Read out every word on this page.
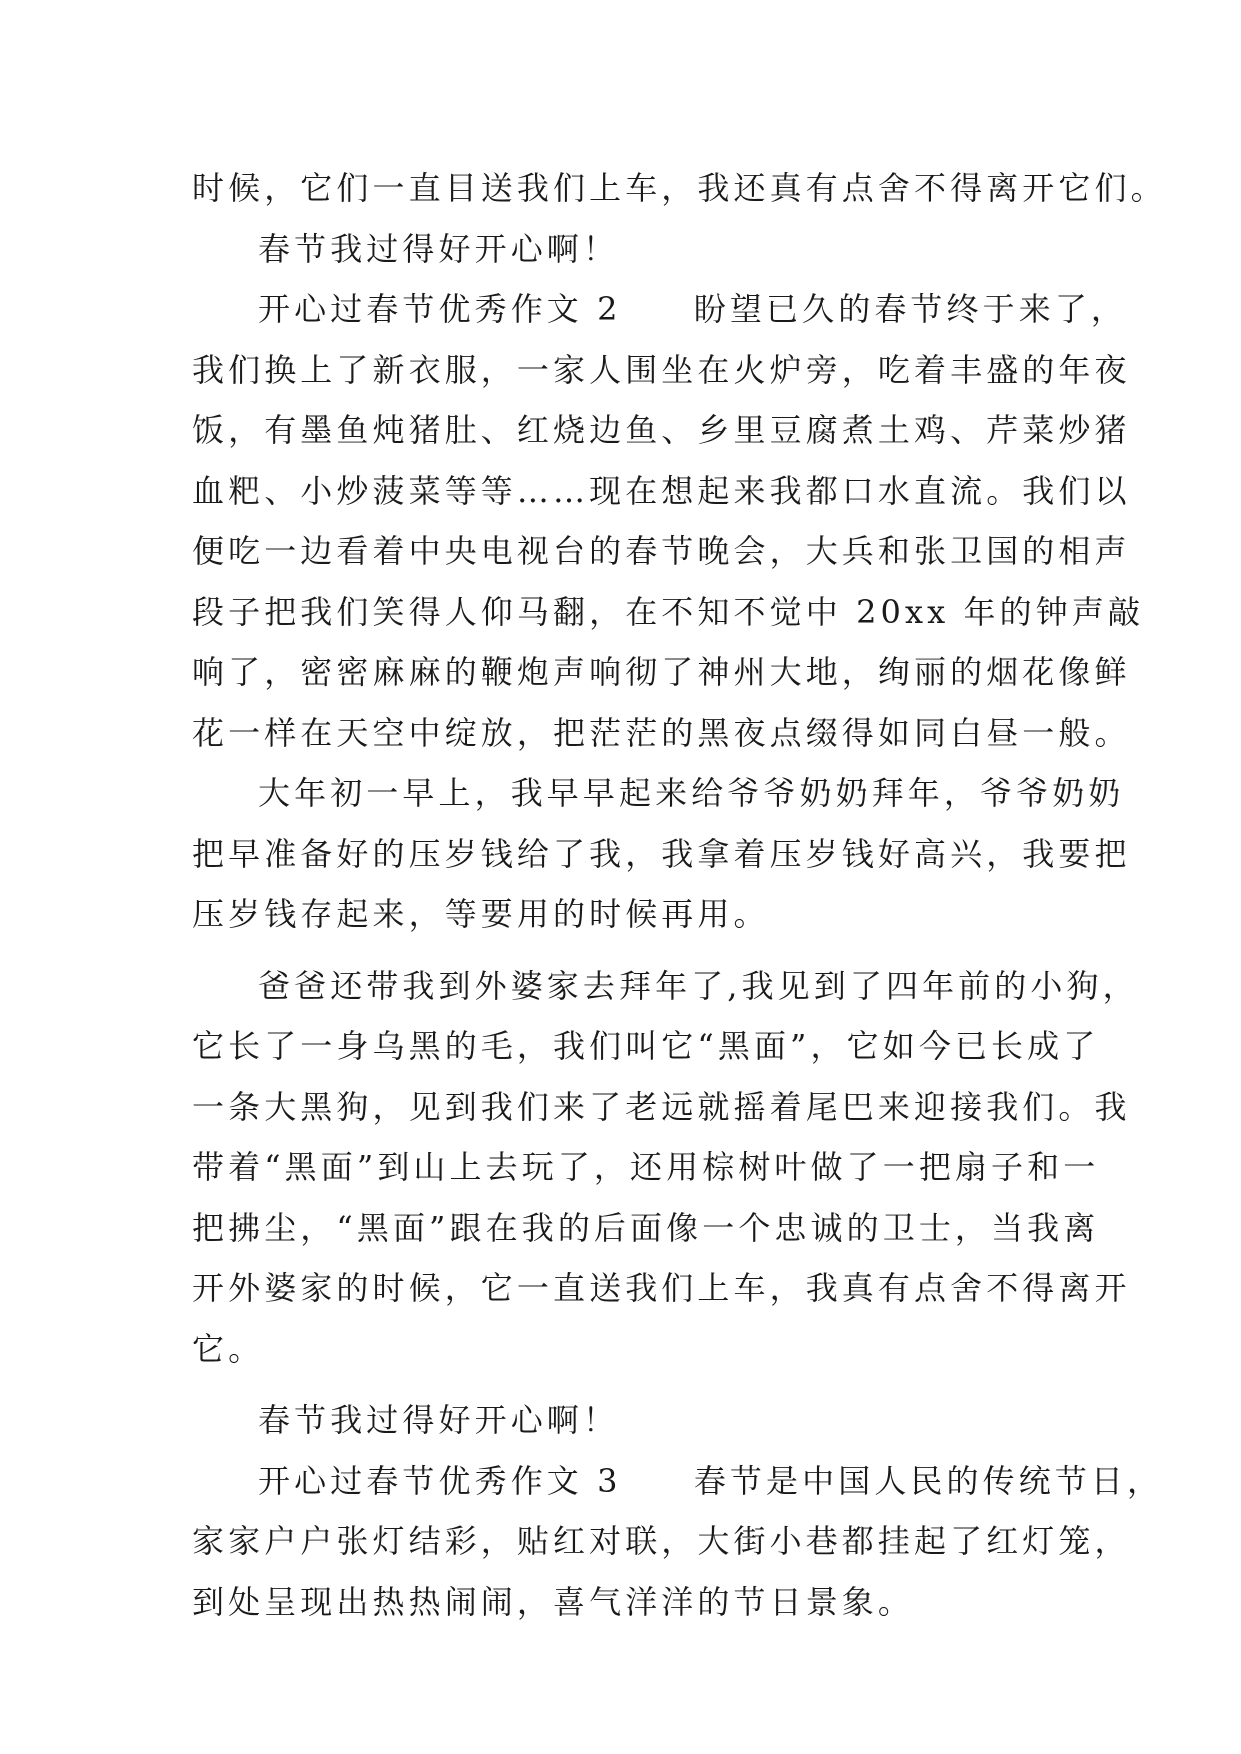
时候，它们一直目送我们上车，我还真有点舍不得离开它们。
春节我过得好开心啊！
开心过春节优秀作文 2　　盼望已久的春节终于来了，
我们换上了新衣服，一家人围坐在火炉旁，吃着丰盛的年夜
饭，有墨鱼炖猪肚、红烧边鱼、乡里豆腐煮土鸡、芹菜炒猪
血粑、小炒菠菜等等……现在想起来我都口水直流。我们以
便吃一边看着中央电视台的春节晚会，大兵和张卫国的相声
段子把我们笑得人仰马翻，在不知不觉中 20xx 年的钟声敲
响了，密密麻麻的鞭炮声响彻了神州大地，绚丽的烟花像鲜
花一样在天空中绽放，把茫茫的黑夜点缀得如同白昼一般。
大年初一早上，我早早起来给爷爷奶奶拜年，爷爷奶奶
把早准备好的压岁钱给了我，我拿着压岁钱好高兴，我要把
压岁钱存起来，等要用的时候再用。
爸爸还带我到外婆家去拜年了,我见到了四年前的小狗，
它长了一身乌黑的毛，我们叫它“黑面”，它如今已长成了
一条大黑狗，见到我们来了老远就摇着尾巴来迎接我们。我
带着“黑面”到山上去玩了，还用棕树叶做了一把扇子和一
把拂尘，“黑面”跟在我的后面像一个忠诚的卫士，当我离
开外婆家的时候，它一直送我们上车，我真有点舍不得离开
它。
春节我过得好开心啊！
开心过春节优秀作文 3　　春节是中国人民的传统节日，
家家户户张灯结彩，贴红对联，大街小巷都挂起了红灯笼，
到处呈现出热热闹闹，喜气洋洋的节日景象。
